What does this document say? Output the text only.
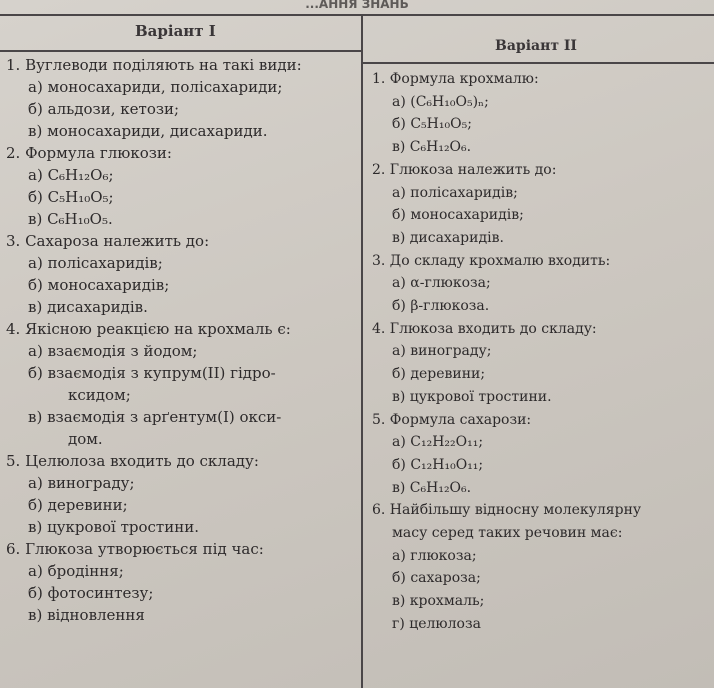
...АННЯ ЗНАНЬ
Варіант І
Варіант ІІ
1. Вуглеводи поділяють на такі види:
а) моносахариди, полісахариди;
б) альдози, кетози;
в) моносахариди, дисахариди.
2. Формула глюкози:
а) C₆H₁₂O₆;
б) C₅H₁₀O₅;
в) C₆H₁₀O₅.
3. Сахароза належить до:
а) полісахаридів;
б) моносахаридів;
в) дисахаридів.
4. Якісною реакцією на крохмаль є:
а) взаємодія з йодом;
б) взаємодія з купрум(II) гідро-
ксидом;
в) взаємодія з арґентум(І) окси-
дом.
5. Целюлоза входить до складу:
а) винограду;
б) деревини;
в) цукрової тростини.
6. Глюкоза утворюється під час:
а) бродіння;
б) фотосинтезу;
в) відновлення
1. Формула крохмалю:
а) (C₆H₁₀O₅)ₙ;
б) C₅H₁₀O₅;
в) C₆H₁₂O₆.
2. Глюкоза належить до:
а) полісахаридів;
б) моносахаридів;
в) дисахаридів.
3. До складу крохмалю входить:
а) α-глюкоза;
б) β-глюкоза.
4. Глюкоза входить до складу:
а) винограду;
б) деревини;
в) цукрової тростини.
5. Формула сахарози:
а) C₁₂H₂₂O₁₁;
б) C₁₂H₁₀O₁₁;
в) C₆H₁₂O₆.
6. Найбільшу відносну молекулярну
масу серед таких речовин має:
а) глюкоза;
б) сахароза;
в) крохмаль;
г) целюлоза
